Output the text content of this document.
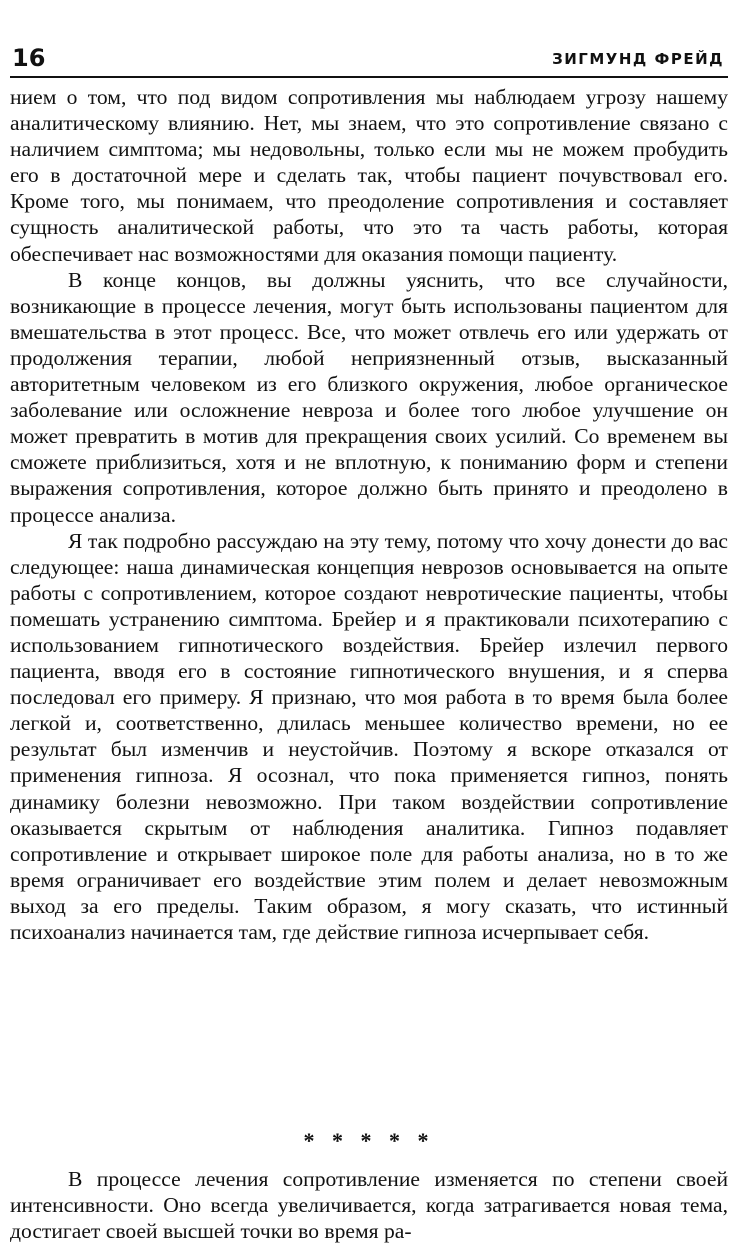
16	ЗИГМУНД ФРЕЙД

нием о том, что под видом сопротивления мы наблюдаем угрозу нашему аналитическому влиянию. Нет, мы знаем, что это сопротивление связано с наличием симптома; мы недовольны, только если мы не можем пробудить его в достаточной мере и сделать так, чтобы пациент почувствовал его. Кроме того, мы понимаем, что преодоление сопротивления и составляет сущность аналитической работы, что это та часть работы, которая обеспечивает нас возможностями для оказания помощи пациенту.

В конце концов, вы должны уяснить, что все случайности, возникающие в процессе лечения, могут быть использованы пациентом для вмешательства в этот процесс. Все, что может отвлечь его или удержать от продолжения терапии, любой неприязненный отзыв, высказанный авторитетным человеком из его близкого окружения, любое органическое заболевание или осложнение невроза и более того любое улучшение он может превратить в мотив для прекращения своих усилий. Со временем вы сможете приблизиться, хотя и не вплотную, к пониманию форм и степени выражения сопротивления, которое должно быть принято и преодолено в процессе анализа.

Я так подробно рассуждаю на эту тему, потому что хочу донести до вас следующее: наша динамическая концепция неврозов основывается на опыте работы с сопротивлением, которое создают невротические пациенты, чтобы помешать устранению симптома. Брейер и я практиковали психотерапию с использованием гипнотического воздействия. Брейер излечил первого пациента, вводя его в состояние гипнотического внушения, и я сперва последовал его примеру. Я признаю, что моя работа в то время была более легкой и, соответственно, длилась меньшее количество времени, но ее результат был изменчив и неустойчив. Поэтому я вскоре отказался от применения гипноза. Я осознал, что пока применяется гипноз, понять динамику болезни невозможно. При таком воздействии сопротивление оказывается скрытым от наблюдения аналитика. Гипноз подавляет сопротивление и открывает широкое поле для работы анализа, но в то же время ограничивает его воздействие этим полем и делает невозможным выход за его пределы. Таким образом, я могу сказать, что истинный психоанализ начинается там, где действие гипноза исчерпывает себя.

* * * * *

В процессе лечения сопротивление изменяется по степени своей интенсивности. Оно всегда увеличивается, когда затрагивается новая тема, достигает своей высшей точки во время ра-
